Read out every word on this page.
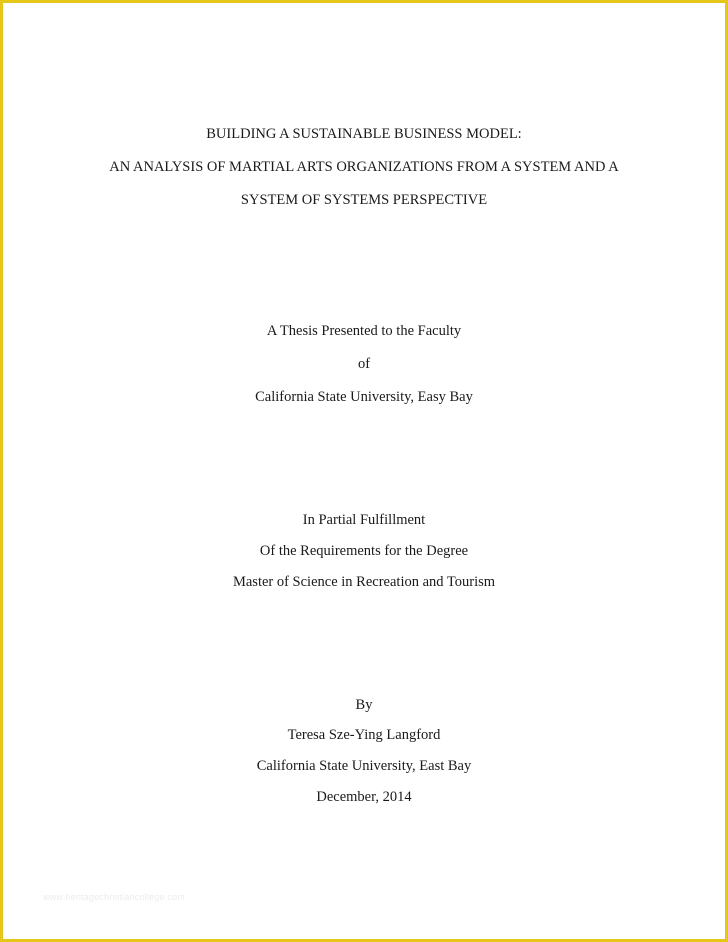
BUILDING A SUSTAINABLE BUSINESS MODEL:
AN ANALYSIS OF MARTIAL ARTS ORGANIZATIONS FROM A SYSTEM AND A
SYSTEM OF SYSTEMS PERSPECTIVE
A Thesis Presented to the Faculty
of
California State University, Easy Bay
In Partial Fulfillment
Of the Requirements for the Degree
Master of Science in Recreation and Tourism
By
Teresa Sze-Ying Langford
California State University, East Bay
December, 2014
www.heritagechristiancollege.com
